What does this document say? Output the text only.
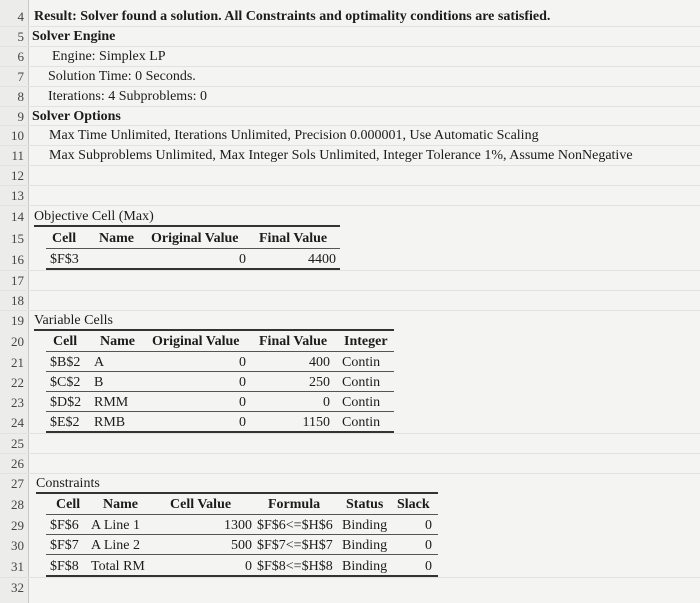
4
5
6
7
8
9
10
11
12
13
14
15
16
17
18
19
20
21
22
23
24
25
26
27
28
29
30
31
32
Result: Solver found a solution. All Constraints and optimality conditions are satisfied.
Solver Engine
Engine: Simplex LP
Solution Time: 0 Seconds.
Iterations: 4 Subproblems: 0
Solver Options
Max Time Unlimited, Iterations Unlimited, Precision 0.000001, Use Automatic Scaling
Max Subproblems Unlimited, Max Integer Sols Unlimited, Integer Tolerance 1%, Assume NonNegative
Objective Cell (Max)
Cell Name Original Value Final Value
$F$3	0	4400
Variable Cells
Cell Name Original Value Final Value Integer
$B$2 A	0	400 Contin
$C$2 B	0	250 Contin
$D$2 RMM	0	0 Contin
$E$2 RMB	0	1150 Contin
Constraints
Cell Name Cell Value	Formula Status Slack
$F$6 A Line 1	1300 $F$6<=$H$6 Binding	0
$F$7 A Line 2	500 $F$7<=$H$7 Binding	0
$F$8 Total RM	0 $F$8<=$H$8 Binding	0
